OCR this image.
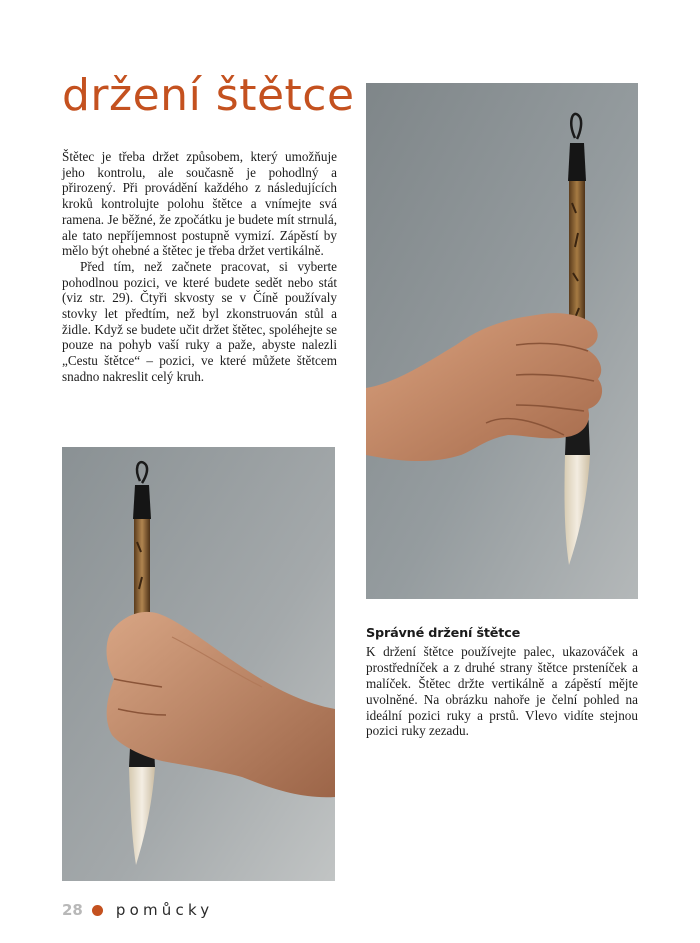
držení štětce

Štětec je třeba držet způsobem, který umožňuje jeho kontrolu, ale současně je pohodlný a přirozený. Při provádění každého z následujících kroků kontrolujte polohu štětce a vnímejte svá ramena. Je běžné, že zpočátku je budete mít strnulá, ale tato nepříjemnost postupně vymizí. Zápěstí by mělo být ohebné a štětec je třeba držet vertikálně.

Před tím, než začnete pracovat, si vyberte pohodlnou pozici, ve které budete sedět nebo stát (viz str. 29). Čtyři skvosty se v Číně používaly stovky let předtím, než byl zkonstruován stůl a židle. Když se budete učit držet štětec, spoléhejte se pouze na pohyb vaší ruky a paže, abyste nalezli „Cestu štětce“ – pozici, ve které můžete štětcem snadno nakreslit celý kruh.

Správné držení štětce

K držení štětce používejte palec, ukazováček a prostředníček a z druhé strany štětce prsteníček a malíček. Štětec držte vertikálně a zápěstí mějte uvolněné. Na obrázku nahoře je čelní pohled na ideální pozici ruky a prstů. Vlevo vidíte stejnou pozici ruky zezadu.

28 pomůcky
